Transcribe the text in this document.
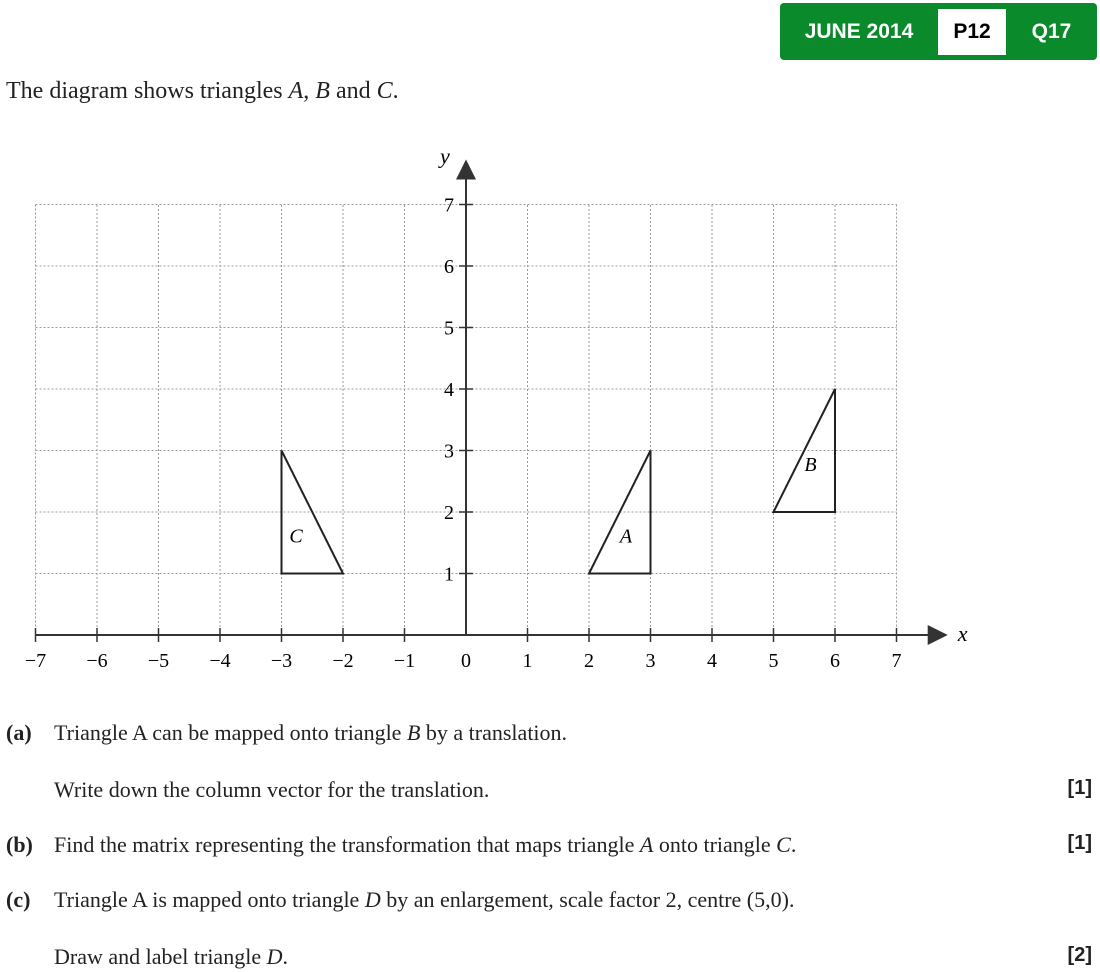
JUNE 2014	P12	Q17
The diagram shows triangles A, B and C.
x
y
−7 −6 −5 −4 −3 −2 −1 0	1	2	3	4	5	6	7
1
2
3
4
5
6
7
A
B
C
(a) Triangle A can be mapped onto triangle B by a translation.
Write down the column vector for the translation.	[1]
(b) Find the matrix representing the transformation that maps triangle A onto triangle C.	[1]
(c) Triangle A is mapped onto triangle D by an enlargement, scale factor 2, centre (5,0).
Draw and label triangle D.	[2]
